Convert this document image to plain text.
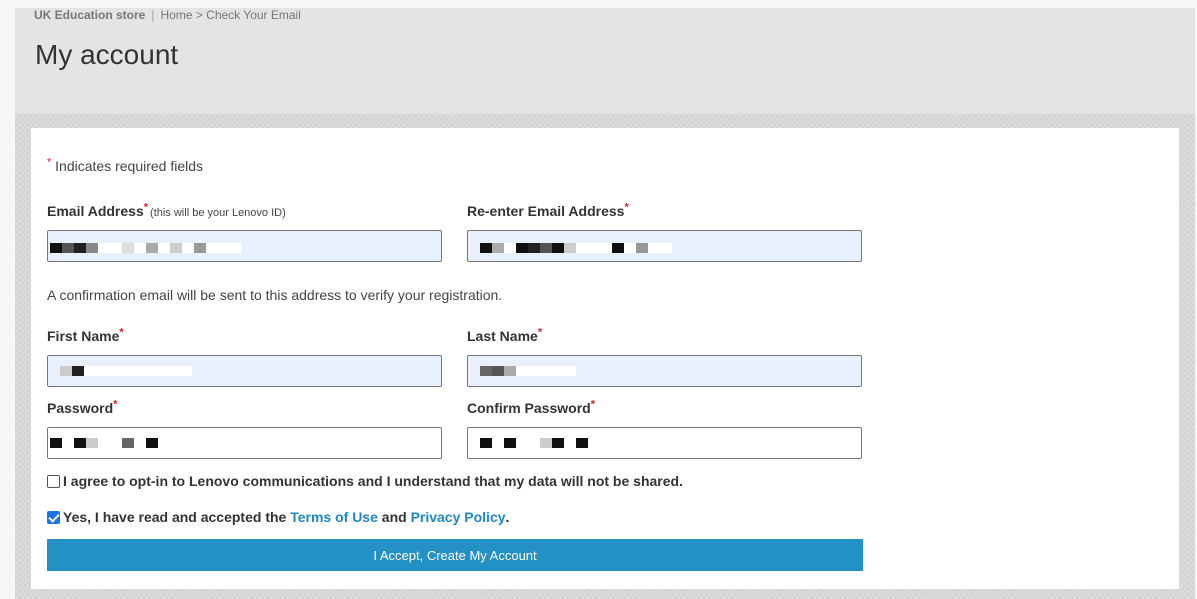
UK Education store | Home > Check Your Email
My account
* Indicates required fields
Email Address* (this will be your Lenovo ID)	Re-enter Email Address*
A confirmation email will be sent to this address to verify your registration.
First Name*	Last Name*
Password*	Confirm Password*
I agree to opt-in to Lenovo communications and I understand that my data will not be shared.
Yes, I have read and accepted the
Terms of Use
and
Privacy Policy .
I Accept, Create My Account
